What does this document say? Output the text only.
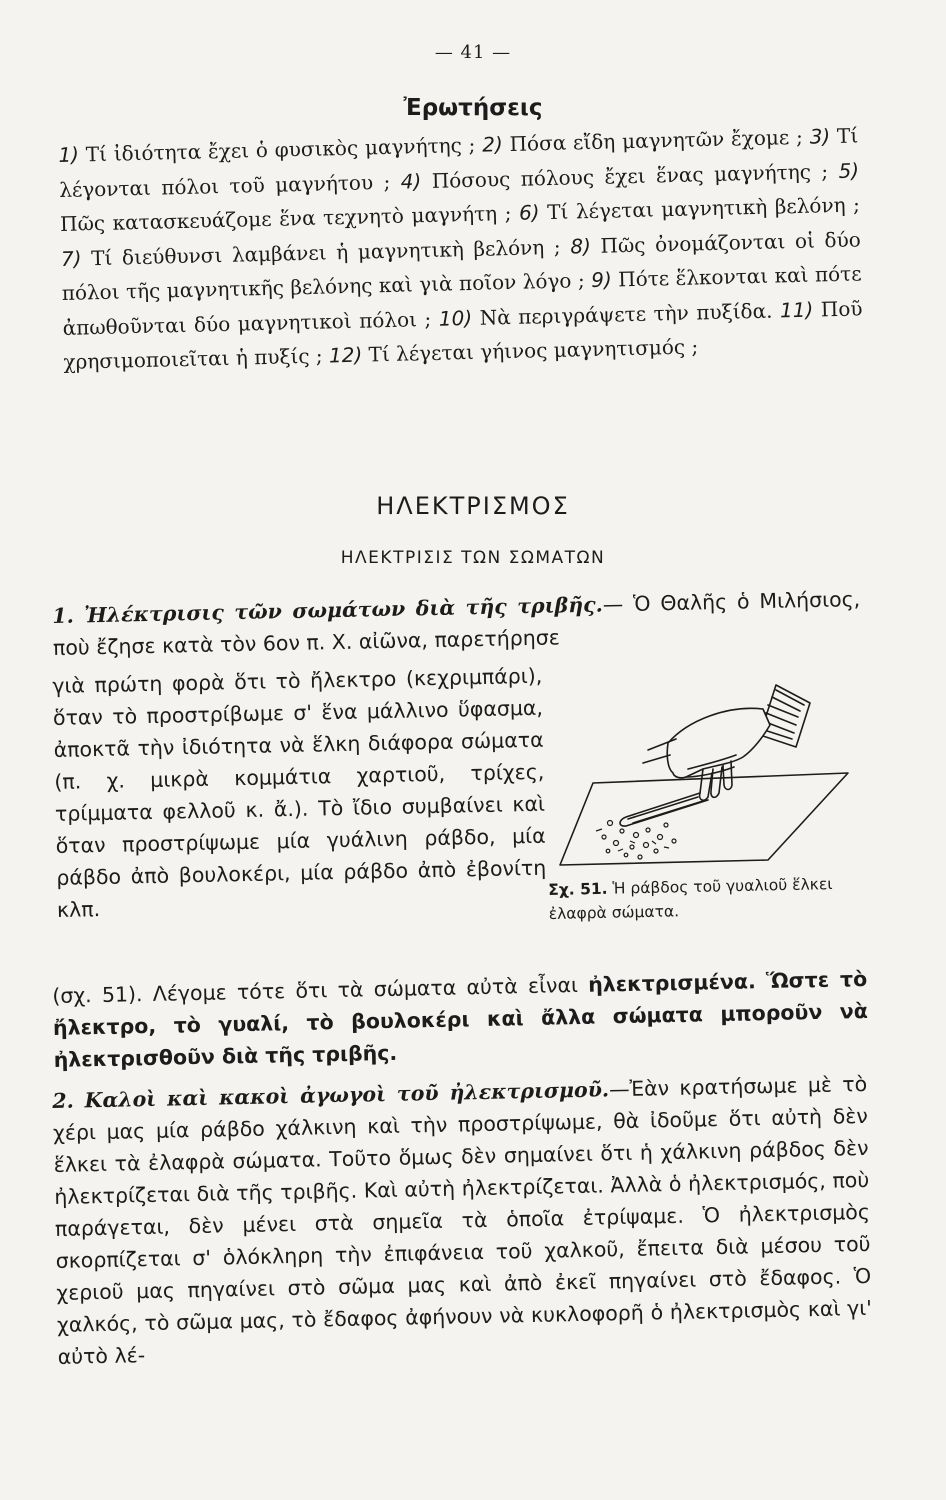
— 41 —
Ἐρωτήσεις
1) Τί ἰδιότητα ἔχει ὁ φυσικὸς μαγνήτης ; 2) Πόσα εἴδη μαγνητῶν ἔχομε ; 3) Τί λέγονται πόλοι τοῦ μαγνήτου ; 4) Πόσους πόλους ἔχει ἕνας μαγνήτης ; 5) Πῶς κατασκευάζομε ἕνα τεχνητὸ μαγνήτη ; 6) Τί λέγεται μαγνητικὴ βελόνη ; 7) Τί διεύθυνσι λαμβάνει ἡ μαγνητικὴ βελόνη ; 8) Πῶς ὀνομάζονται οἱ δύο πόλοι τῆς μαγνητικῆς βελόνης καὶ γιὰ ποῖον λόγο ; 9) Πότε ἕλκονται καὶ πότε ἀπωθοῦνται δύο μαγνητικοὶ πόλοι ; 10) Νὰ περιγράψετε τὴν πυξίδα. 11) Ποῦ χρησιμοποιεῖται ἡ πυξίς ; 12) Τί λέγεται γήινος μαγνητισμός ;
ΗΛΕΚΤΡΙΣΜΟΣ
ΗΛΕΚΤΡΙΣΙΣ ΤΩΝ ΣΩΜΑΤΩΝ
1. Ἠλέκτρισις τῶν σωμάτων διὰ τῆς τριβῆς.— Ὁ Θαλῆς ὁ Μιλήσιος, ποὺ ἔζησε κατὰ τὸν 6ον π. Χ. αἰῶνα, παρετήρησε
γιὰ πρώτη φορὰ ὅτι τὸ ἤλεκτρο (κεχριμπάρι), ὅταν τὸ προστρίβωμε σ' ἕνα μάλλινο ὕφασμα, ἀποκτᾶ τὴν ἰδιότητα νὰ ἕλκη διάφορα σώματα (π. χ. μικρὰ κομμάτια χαρτιοῦ, τρίχες, τρίμματα φελλοῦ κ. ἄ.). Τὸ ἴδιο συμβαίνει καὶ ὅταν προστρίψωμε μία γυάλινη ράβδο, μία ράβδο ἀπὸ βουλοκέρι, μία ράβδο ἀπὸ ἐβονίτη κλπ.
Σχ. 51. Ἡ ράβδος τοῦ γυαλιοῦ ἕλκει ἐλαφρὰ σώματα.
(σχ. 51). Λέγομε τότε ὅτι τὰ σώματα αὐτὰ εἶναι ἠλεκτρισμένα. Ὥστε τὸ ἤλεκτρο, τὸ γυαλί, τὸ βουλοκέρι καὶ ἄλλα σώματα μποροῦν νὰ ἠλεκτρισθοῦν διὰ τῆς τριβῆς.
2. Καλοὶ καὶ κακοὶ ἀγωγοὶ τοῦ ἠλεκτρισμοῦ.—Ἐὰν κρατήσωμε μὲ τὸ χέρι μας μία ράβδο χάλκινη καὶ τὴν προστρίψωμε, θὰ ἰδοῦμε ὅτι αὐτὴ δὲν ἕλκει τὰ ἐλαφρὰ σώματα. Τοῦτο ὅμως δὲν σημαίνει ὅτι ἡ χάλκινη ράβδος δὲν ἠλεκτρίζεται διὰ τῆς τριβῆς. Καὶ αὐτὴ ἠλεκτρίζεται. Ἀλλὰ ὁ ἠλεκτρισμός, ποὺ παράγεται, δὲν μένει στὰ σημεῖα τὰ ὁποῖα ἐτρίψαμε. Ὁ ἠλεκτρισμὸς σκορπίζεται σ' ὁλόκληρη τὴν ἐπιφάνεια τοῦ χαλκοῦ, ἔπειτα διὰ μέσου τοῦ χεριοῦ μας πηγαίνει στὸ σῶμα μας καὶ ἀπὸ ἐκεῖ πηγαίνει στὸ ἔδαφος. Ὁ χαλκός, τὸ σῶμα μας, τὸ ἔδαφος ἀφήνουν νὰ κυκλοφορῆ ὁ ἠλεκτρισμὸς καὶ γι' αὐτὸ λέ-
